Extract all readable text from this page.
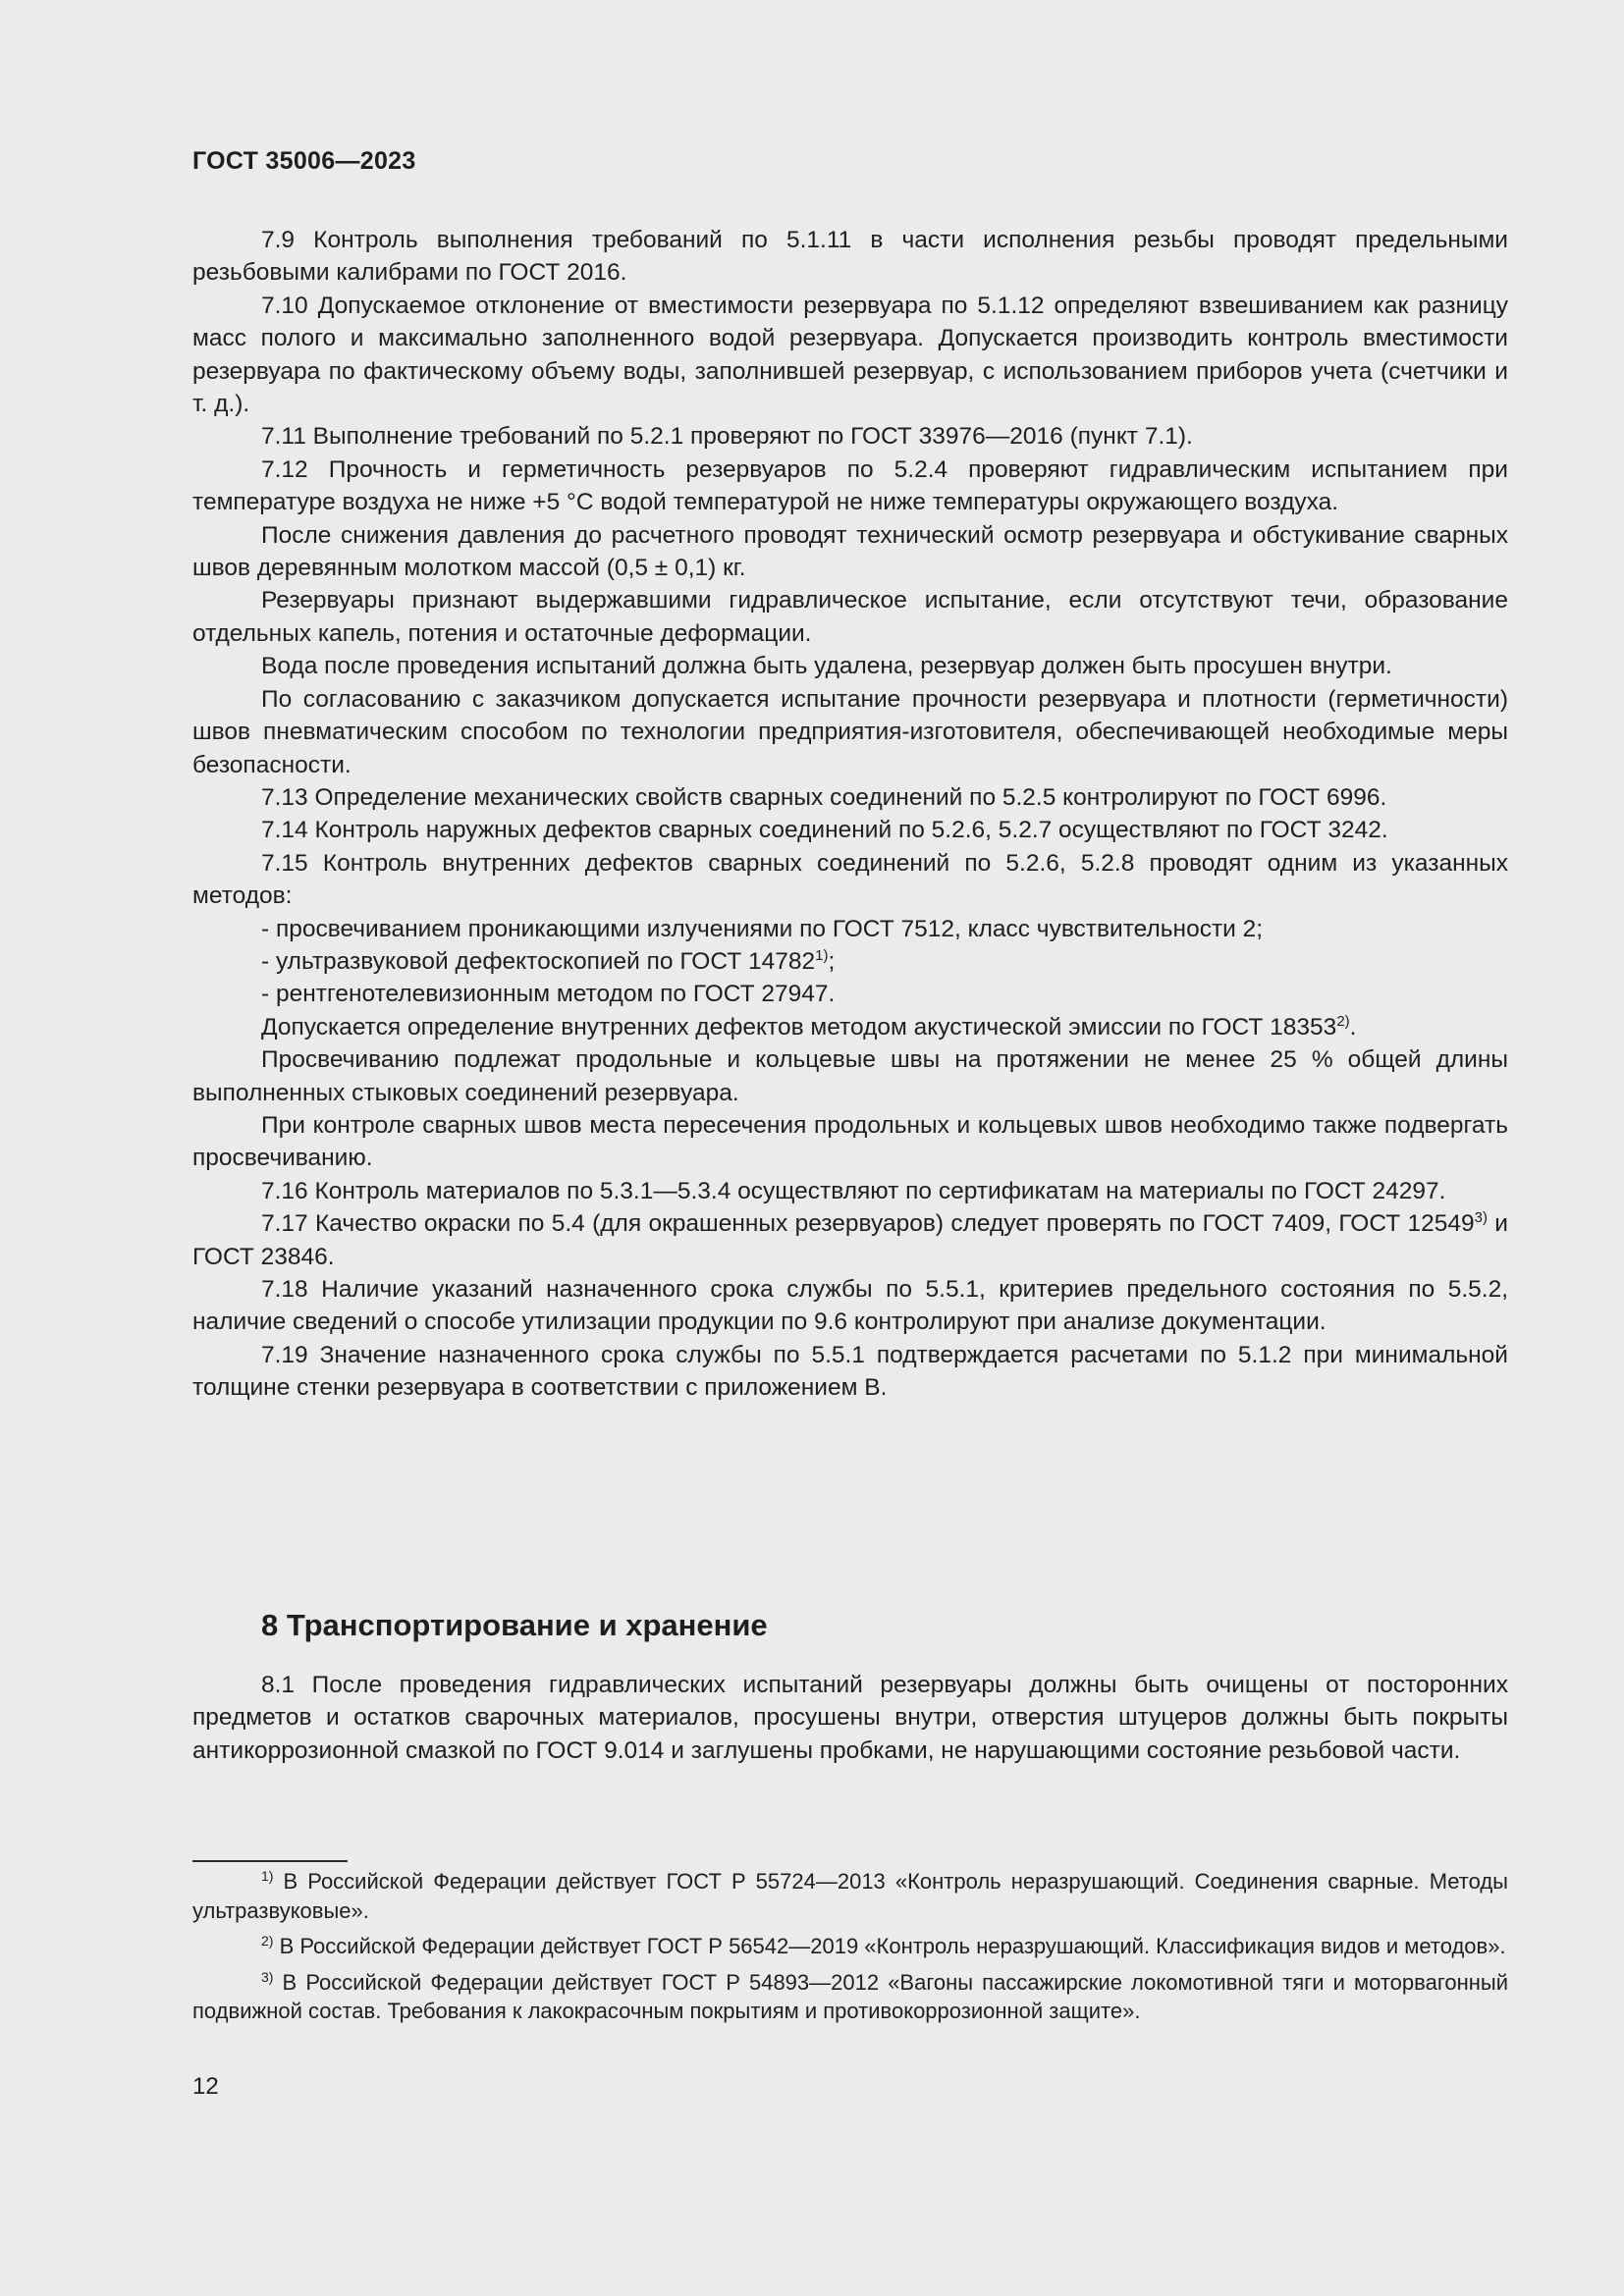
ГОСТ 35006—2023

7.9 Контроль выполнения требований по 5.1.11 в части исполнения резьбы проводят предельными резьбовыми калибрами по ГОСТ 2016.

7.10 Допускаемое отклонение от вместимости резервуара по 5.1.12 определяют взвешиванием как разницу масс полого и максимально заполненного водой резервуара. Допускается производить контроль вместимости резервуара по фактическому объему воды, заполнившей резервуар, с использованием приборов учета (счетчики и т. д.).

7.11 Выполнение требований по 5.2.1 проверяют по ГОСТ 33976—2016 (пункт 7.1).

7.12 Прочность и герметичность резервуаров по 5.2.4 проверяют гидравлическим испытанием при температуре воздуха не ниже +5 °С водой температурой не ниже температуры окружающего воздуха.

После снижения давления до расчетного проводят технический осмотр резервуара и обстукивание сварных швов деревянным молотком массой (0,5 ± 0,1) кг.

Резервуары признают выдержавшими гидравлическое испытание, если отсутствуют течи, образование отдельных капель, потения и остаточные деформации.

Вода после проведения испытаний должна быть удалена, резервуар должен быть просушен внутри.

По согласованию с заказчиком допускается испытание прочности резервуара и плотности (герметичности) швов пневматическим способом по технологии предприятия-изготовителя, обеспечивающей необходимые меры безопасности.

7.13 Определение механических свойств сварных соединений по 5.2.5 контролируют по ГОСТ 6996.

7.14 Контроль наружных дефектов сварных соединений по 5.2.6, 5.2.7 осуществляют по ГОСТ 3242.

7.15 Контроль внутренних дефектов сварных соединений по 5.2.6, 5.2.8 проводят одним из указанных методов:

- просвечиванием проникающими излучениями по ГОСТ 7512, класс чувствительности 2;

- ультразвуковой дефектоскопией по ГОСТ 14782$^{1)}$;

- рентгенотелевизионным методом по ГОСТ 27947.

Допускается определение внутренних дефектов методом акустической эмиссии по ГОСТ 18353$^{2)}$.

Просвечиванию подлежат продольные и кольцевые швы на протяжении не менее 25 % общей длины выполненных стыковых соединений резервуара.

При контроле сварных швов места пересечения продольных и кольцевых швов необходимо также подвергать просвечиванию.

7.16 Контроль материалов по 5.3.1—5.3.4 осуществляют по сертификатам на материалы по ГОСТ 24297.

7.17 Качество окраски по 5.4 (для окрашенных резервуаров) следует проверять по ГОСТ 7409, ГОСТ 12549$^{3)}$ и ГОСТ 23846.

7.18 Наличие указаний назначенного срока службы по 5.5.1, критериев предельного состояния по 5.5.2, наличие сведений о способе утилизации продукции по 9.6 контролируют при анализе документации.

7.19 Значение назначенного срока службы по 5.5.1 подтверждается расчетами по 5.1.2 при минимальной толщине стенки резервуара в соответствии с приложением В.

8 Транспортирование и хранение

8.1 После проведения гидравлических испытаний резервуары должны быть очищены от посторонних предметов и остатков сварочных материалов, просушены внутри, отверстия штуцеров должны быть покрыты антикоррозионной смазкой по ГОСТ 9.014 и заглушены пробками, не нарушающими состояние резьбовой части.

$^{1)}$ В Российской Федерации действует ГОСТ Р 55724—2013 «Контроль неразрушающий. Соединения сварные. Методы ультразвуковые».

$^{2)}$ В Российской Федерации действует ГОСТ Р 56542—2019 «Контроль неразрушающий. Классификация видов и методов».

$^{3)}$ В Российской Федерации действует ГОСТ Р 54893—2012 «Вагоны пассажирские локомотивной тяги и моторвагонный подвижной состав. Требования к лакокрасочным покрытиям и противокоррозионной защите».

12
